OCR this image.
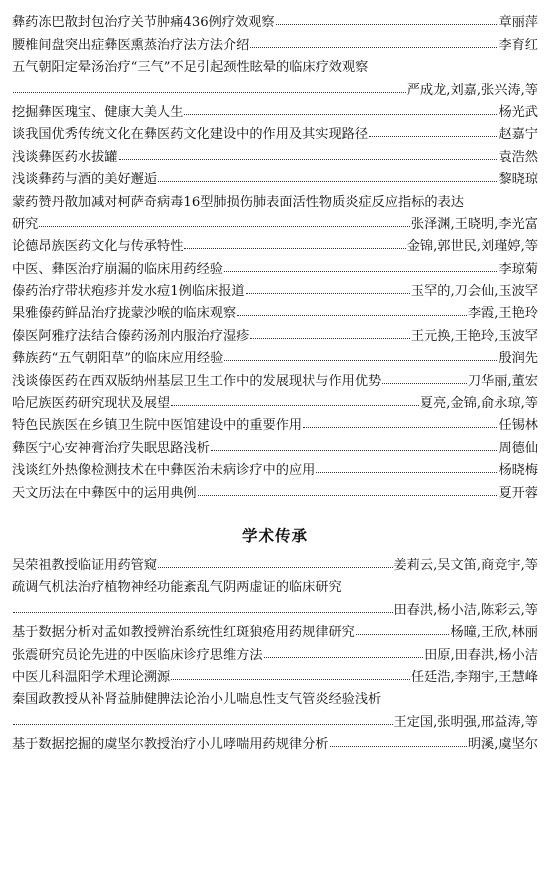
彝药冻巴散封包治疗关节肿痛436例疗效观察	章丽萍
腰椎间盘突出症彝医熏蒸治疗法方法介绍	李育红
五气朝阳定晕汤治疗“三气”不足引起颈性眩晕的临床疗效观察
严成龙,刘嘉,张兴涛,等
挖掘彝医瑰宝、健康大美人生	杨光武
谈我国优秀传统文化在彝医药文化建设中的作用及其实现路径	赵嘉宁
浅谈彝医药水拔罐	袁浩然
浅谈彝药与酒的美好邂逅	黎晓琼
蒙药赞丹散加减对柯萨奇病毒16型肺损伤肺表面活性物质炎症反应指标的表达
研究	张泽渊,王晓明,李光富
论德昂族医药文化与传承特性	金锦,郭世民,刘瑾婷,等
中医、彝医治疗崩漏的临床用药经验	李琼菊
傣药治疗带状疱疹并发水痘1例临床报道	玉罕的,刀会仙,玉波罕
果雅傣药鲜品治疗拢蒙沙喉的临床观察	李霞,王艳玲
傣医阿雅疗法结合傣药汤剂内服治疗湿疹	王元换,王艳玲,玉波罕
彝族药“五气朝阳草”的临床应用经验	殷润先
浅谈傣医药在西双版纳州基层卫生工作中的发展现状与作用优势	刀华丽,董宏
哈尼族医药研究现状及展望	夏亮,金锦,俞永琼,等
特色民族医在乡镇卫生院中医馆建设中的重要作用	任锡林
彝医宁心安神膏治疗失眠思路浅析	周德仙
浅谈红外热像检测技术在中彝医治未病诊疗中的应用	杨晓梅
天文历法在中彝医中的运用典例	夏开蓉
学术传承
吴荣祖教授临证用药管窥	姜莉云,吴文笛,商竞宇,等
疏调气机法治疗植物神经功能紊乱气阴两虚证的临床研究
田春洪,杨小洁,陈彩云,等
基于数据分析对孟如教授辨治系统性红斑狼疮用药规律研究	杨曈,王欣,林丽
张震研究员论先进的中医临床诊疗思维方法	田原,田春洪,杨小洁
中医儿科温阳学术理论溯源	任廷浩,李翔宇,王慧峰
秦国政教授从补肾益肺健脾法论治小儿喘息性支气管炎经验浅析
王定国,张明强,邢益涛,等
基于数据挖掘的虞坚尔教授治疗小儿哮喘用药规律分析	明溪,虞坚尔
